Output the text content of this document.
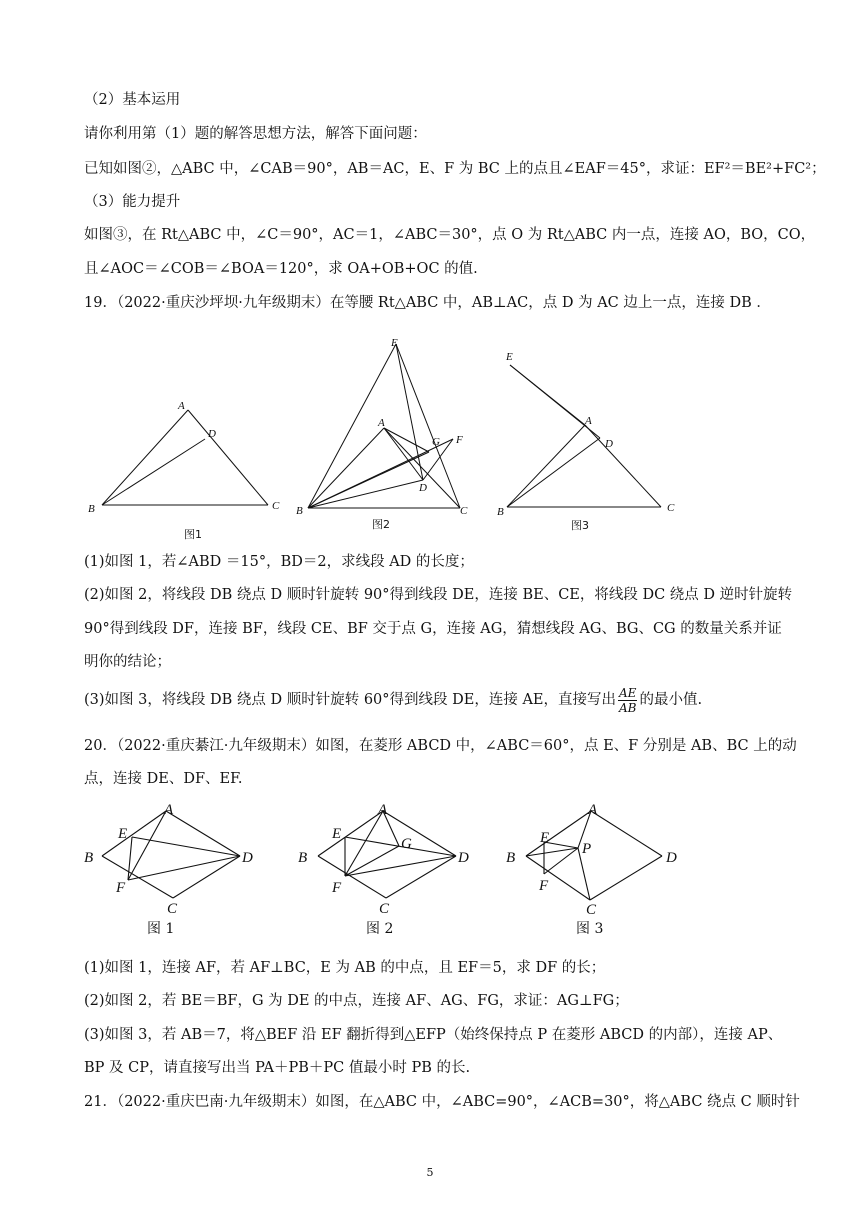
（2）基本运用
请你利用第（1）题的解答思想方法，解答下面问题：
已知如图②，△ABC 中，∠CAB＝90°，AB＝AC，E、F 为 BC 上的点且∠EAF＝45°，求证：EF²＝BE²+FC²；
（3）能力提升
如图③，在 Rt△ABC 中，∠C＝90°，AC＝1，∠ABC＝30°，点 O 为 Rt△ABC 内一点，连接 AO，BO，CO，
且∠AOC＝∠COB＝∠BOA＝120°，求 OA+OB+OC 的值.
19．（2022·重庆沙坪坝·九年级期末）在等腰 Rt△ABC 中，AB⊥AC，点 D 为 AC 边上一点，连接 DB ．
A
D
B	C
图1
E
A
G F
D
B	C
图2
E
A
D
B	C
图3
(1)如图 1，若∠ABD ＝15°，BD＝2，求线段 AD 的长度；
(2)如图 2，将线段 DB 绕点 D 顺时针旋转 90°得到线段 DE，连接 BE、CE，将线段 DC 绕点 D 逆时针旋转
90°得到线段 DF，连接 BF，线段 CE、BF 交于点 G，连接 AG，猜想线段 AG、BG、CG 的数量关系并证
明你的结论；
(3)如图 3，将线段 DB 绕点 D 顺时针旋转 60°得到线段 DE，连接 AE，直接写出 $\frac{AE}{AB}$ 的最小值.
20．（2022·重庆綦江·九年级期末）如图，在菱形 ABCD 中，∠ABC＝60°，点 E、F 分别是 AB、BC 上的动
点，连接 DE、DF、EF.
A
E
B	D
F
C
图 1
A
E
G
B	D
F
C
图 2
A
E
P
B	D
F
C
图 3
(1)如图 1，连接 AF，若 AF⊥BC，E 为 AB 的中点，且 EF＝5，求 DF 的长；
(2)如图 2，若 BE＝BF，G 为 DE 的中点，连接 AF、AG、FG，求证：AG⊥FG；
(3)如图 3，若 AB＝7，将△BEF 沿 EF 翻折得到△EFP（始终保持点 P 在菱形 ABCD 的内部），连接 AP、
BP 及 CP，请直接写出当 PA＋PB＋PC 值最小时 PB 的长.
21．（2022·重庆巴南·九年级期末）如图，在△ABC 中，∠ABC=90°，∠ACB=30°，将△ABC 绕点 C 顺时针
5
